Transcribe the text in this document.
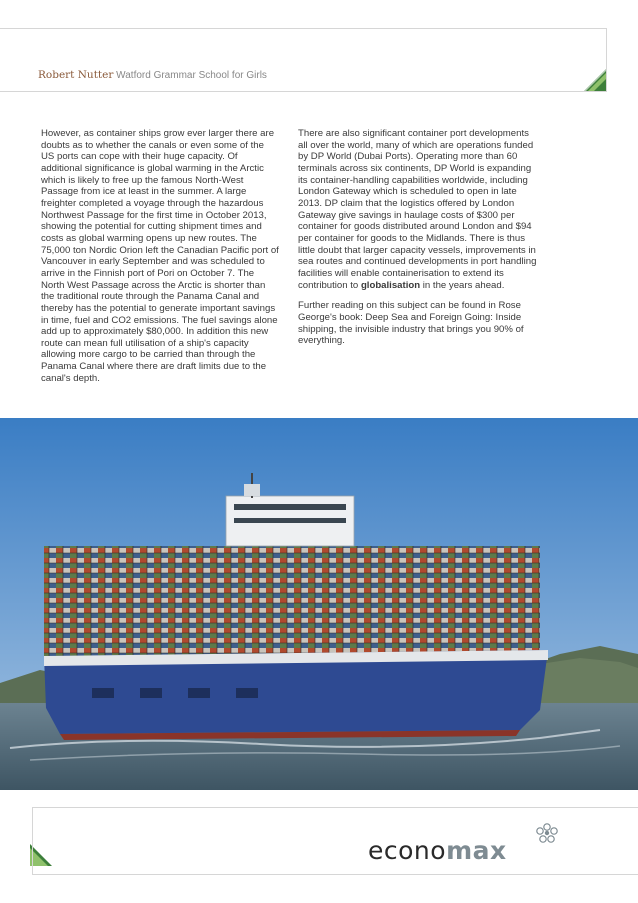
Robert Nutter Watford Grammar School for Girls

However, as container ships grow ever larger there are doubts as to whether the canals or even some of the US ports can cope with their huge capacity. Of additional significance is global warming in the Arctic which is likely to free up the famous North-West Passage from ice at least in the summer. A large freighter completed a voyage through the hazardous Northwest Passage for the first time in October 2013, showing the potential for cutting shipment times and costs as global warming opens up new routes. The 75,000 ton Nordic Orion left the Canadian Pacific port of Vancouver in early September and was scheduled to arrive in the Finnish port of Pori on October 7. The North West Passage across the Arctic is shorter than the traditional route through the Panama Canal and thereby has the potential to generate important savings in time, fuel and CO2 emissions. The fuel savings alone add up to approximately $80,000. In addition this new route can mean full utilisation of a ship's capacity allowing more cargo to be carried than through the Panama Canal where there are draft limits due to the canal's depth.

There are also significant container port developments all over the world, many of which are operations funded by DP World (Dubai Ports). Operating more than 60 terminals across six continents, DP World is expanding its container-handling capabilities worldwide, including London Gateway which is scheduled to open in late 2013. DP claim that the logistics offered by London Gateway give savings in haulage costs of $300 per container for goods distributed around London and $94 per container for goods to the Midlands. There is thus little doubt that larger capacity vessels, improvements in sea routes and continued developments in port handling facilities will enable containerisation to extend its contribution to globalisation in the years ahead.

Further reading on this subject can be found in Rose George's book: Deep Sea and Foreign Going: Inside shipping, the invisible industry that brings you 90% of everything.

economax
